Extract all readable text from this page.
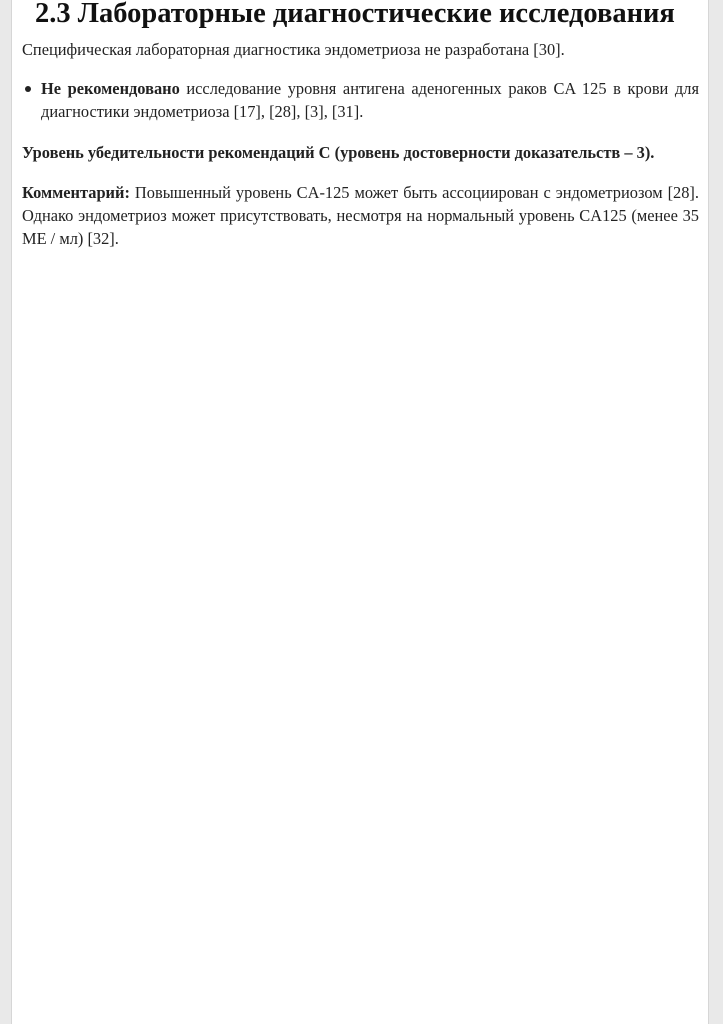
2.3 Лабораторные диагностические исследования

Специфическая лабораторная диагностика эндометриоза не разработана [30].

Не рекомендовано исследование уровня антигена аденогенных раков CA 125 в крови для диагностики эндометриоза [17], [28], [3], [31].

Уровень убедительности рекомендаций C (уровень достоверности доказательств – 3).

Комментарий: Повышенный уровень CA-125 может быть ассоциирован с эндометриозом [28]. Однако эндометриоз может присутствовать, несмотря на нормальный уровень CA125 (менее 35 МЕ / мл) [32].
